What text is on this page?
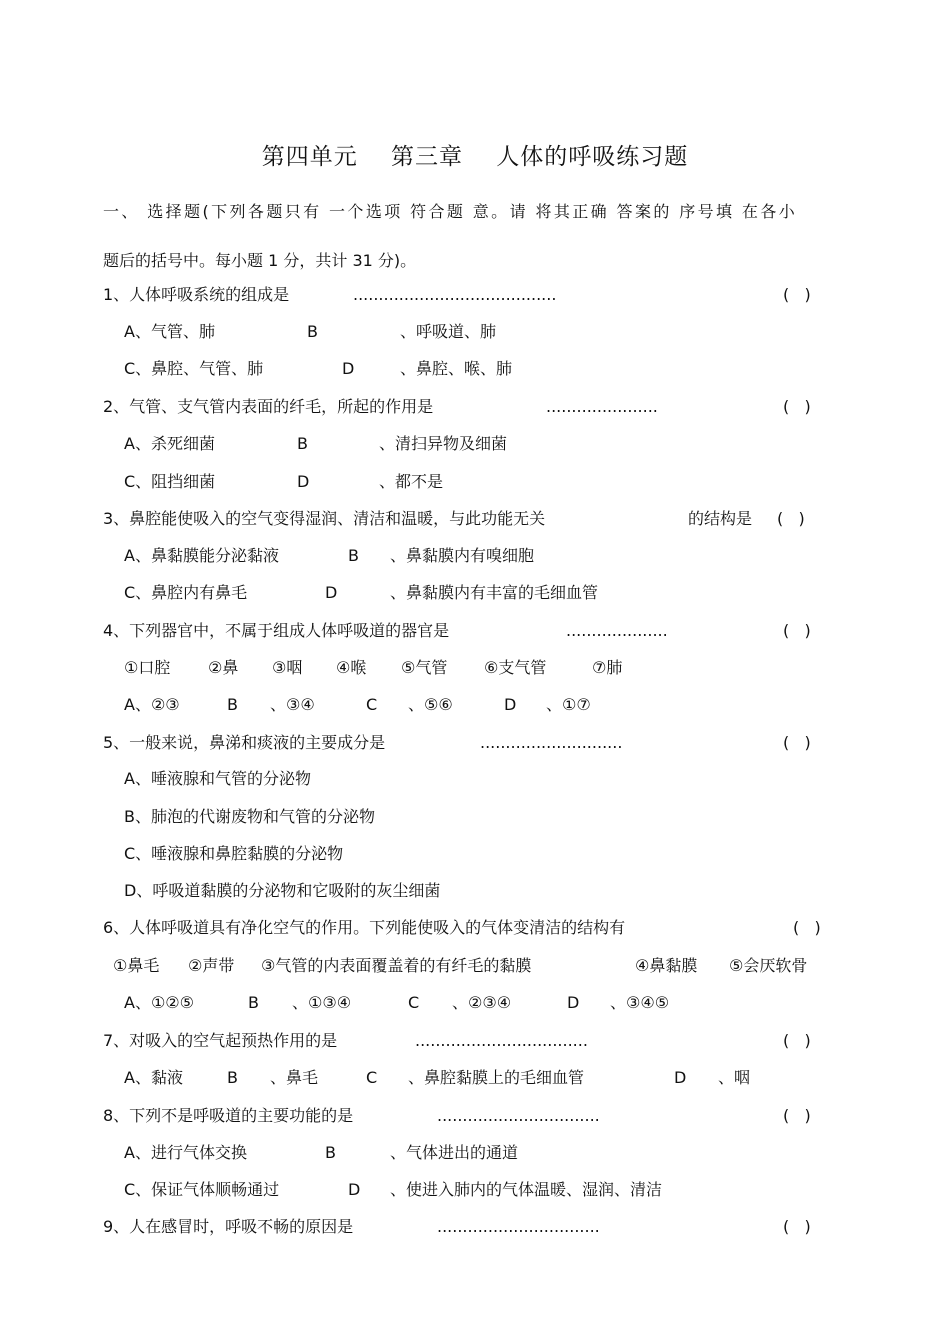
第四单元    第三章    人体的呼吸练习题
一、 选择题(下列各题只有 一个选项 符合题 意。请 将其正确 答案的 序号填 在各小
题后的括号中。每小题 1 分，共计 31 分)。
1、人体呼吸系统的组成是	........................................	(   )
A、气管、肺	B	、呼吸道、肺
C、鼻腔、气管、肺	D	、鼻腔、喉、肺
2、气管、支气管内表面的纤毛，所起的作用是	......................	(   )
A、杀死细菌	B	、清扫异物及细菌
C、阻挡细菌	D	、都不是
3、鼻腔能使吸入的空气变得湿润、清洁和温暖，与此功能无关	的结构是 (   )
A、鼻黏膜能分泌黏液	B 、鼻黏膜内有嗅细胞
C、鼻腔内有鼻毛	D	、鼻黏膜内有丰富的毛细血管
4、下列器官中，不属于组成人体呼吸道的器官是	....................	(   )
①口腔 ②鼻 ③咽 ④喉 ⑤气管 ⑥支气管	⑦肺
A、②③	B 、③④	C 、⑤⑥	D 、①⑦
5、一般来说，鼻涕和痰液的主要成分是	............................	(   )
A、唾液腺和气管的分泌物
B、肺泡的代谢废物和气管的分泌物
C、唾液腺和鼻腔黏膜的分泌物
D、呼吸道黏膜的分泌物和它吸附的灰尘细菌
6、人体呼吸道具有净化空气的作用。下列能使吸入的气体变清洁的结构有	(   )
①鼻毛 ②声带 ③气管的内表面覆盖着的有纤毛的黏膜	④鼻黏膜 ⑤会厌软骨
A、①②⑤	B 、①③④	C 、②③④	D 、③④⑤
7、对吸入的空气起预热作用的是	..................................	(   )
A、黏液	B 、鼻毛	C 、鼻腔黏膜上的毛细血管	D 、咽
8、下列不是呼吸道的主要功能的是	................................	(   )
A、进行气体交换	B	、气体进出的通道
C、保证气体顺畅通过	D 、使进入肺内的气体温暖、湿润、清洁
9、人在感冒时，呼吸不畅的原因是	................................	(   )
